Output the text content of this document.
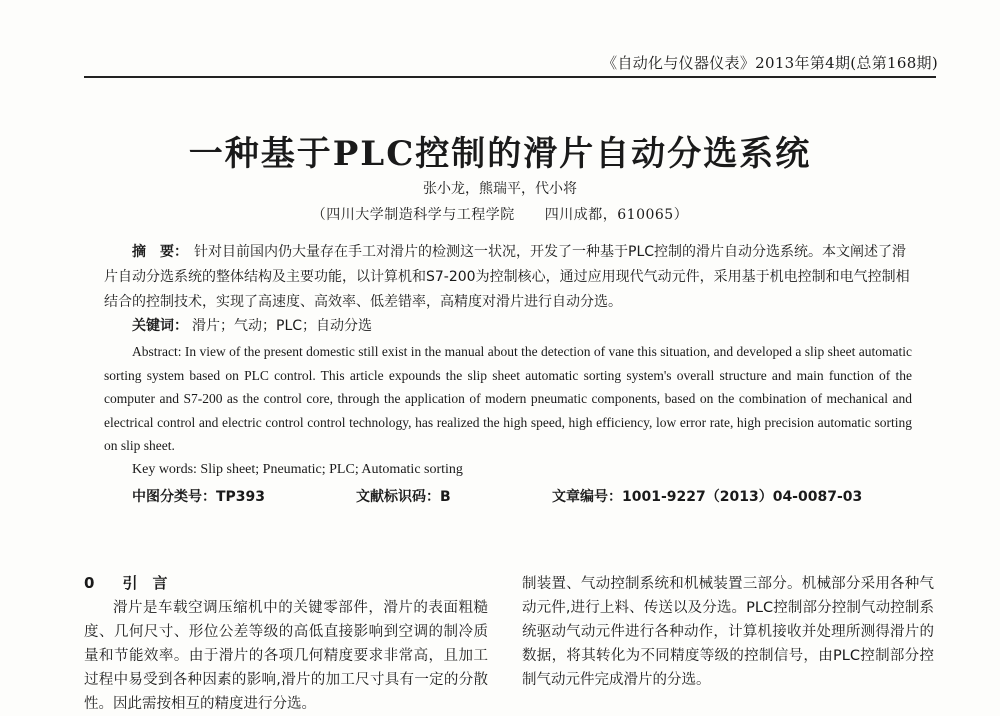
《自动化与仪器仪表》2013年第4期(总第168期)
一种基于PLC控制的滑片自动分选系统
张小龙，熊瑞平，代小将
（四川大学制造科学与工程学院 四川成都，610065）
摘　要： 针对目前国内仍大量存在手工对滑片的检测这一状况，开发了一种基于PLC控制的滑片自动分选系统。本文阐述了滑片自动分选系统的整体结构及主要功能，以计算机和S7-200为控制核心，通过应用现代气动元件，采用基于机电控制和电气控制相结合的控制技术，实现了高速度、高效率、低差错率，高精度对滑片进行自动分选。
关键词： 滑片；气动；PLC；自动分选
Abstract: In view of the present domestic still exist in the manual about the detection of vane this situation, and developed a slip sheet automatic sorting system based on PLC control. This article expounds the slip sheet automatic sorting system's overall structure and main function of the computer and S7-200 as the control core, through the application of modern pneumatic components, based on the combination of mechanical and electrical control and electric control control technology, has realized the high speed, high efficiency, low error rate, high precision automatic sorting on slip sheet.
Key words: Slip sheet; Pneumatic; PLC; Automatic sorting
中图分类号：TP393	文献标识码：B	文章编号：1001-9227（2013）04-0087-03
0 引　言
滑片是车载空调压缩机中的关键零部件，滑片的表面粗糙度、几何尺寸、形位公差等级的高低直接影响到空调的制冷质量和节能效率。由于滑片的各项几何精度要求非常高，且加工过程中易受到各种因素的影响,滑片的加工尺寸具有一定的分散性。因此需按相互的精度进行分选。
制装置、气动控制系统和机械装置三部分。机械部分采用各种气动元件,进行上料、传送以及分选。PLC控制部分控制气动控制系统驱动气动元件进行各种动作，计算机接收并处理所测得滑片的数据，将其转化为不同精度等级的控制信号，由PLC控制部分控制气动元件完成滑片的分选。
